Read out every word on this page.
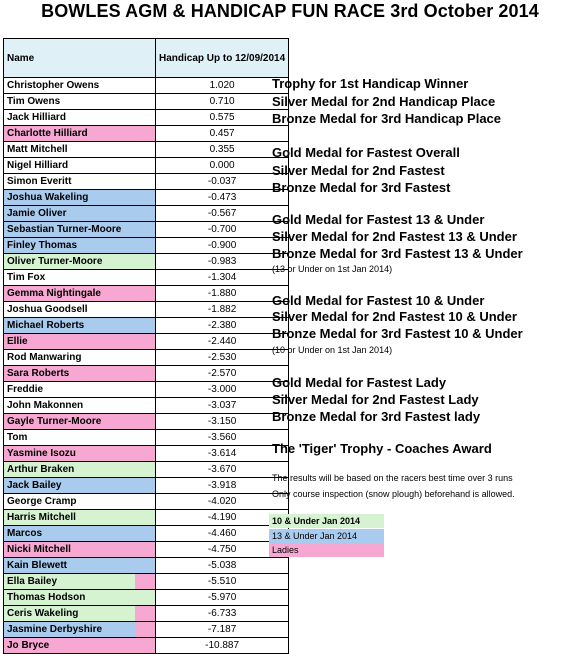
BOWLES AGM & HANDICAP FUN RACE 3rd October 2014
Name	Handicap Up to 12/09/2014
Christopher Owens	1.020
Tim Owens	0.710
Jack Hilliard	0.575
Charlotte Hilliard	0.457
Matt Mitchell	0.355
Nigel Hilliard	0.000
Simon Everitt	-0.037
Joshua Wakeling	-0.473
Jamie Oliver	-0.567
Sebastian Turner-Moore	-0.700
Finley Thomas	-0.900
Oliver Turner-Moore	-0.983
Tim Fox	-1.304
Gemma Nightingale	-1.880
Joshua Goodsell	-1.882
Michael Roberts	-2.380
Ellie	-2.440
Rod Manwaring	-2.530
Sara Roberts	-2.570
Freddie	-3.000
John Makonnen	-3.037
Gayle Turner-Moore	-3.150
Tom	-3.560
Yasmine Isozu	-3.614
Arthur Braken	-3.670
Jack Bailey	-3.918
George Cramp	-4.020
Harris Mitchell	-4.190
Marcos	-4.460
Nicki Mitchell	-4.750
Kain Blewett	-5.038
Ella Bailey	-5.510
Thomas Hodson	-5.970
Ceris Wakeling	-6.733
Jasmine Derbyshire	-7.187
Jo Bryce	-10.887
Trophy for 1st Handicap Winner
Silver Medal for 2nd Handicap Place
Bronze Medal for 3rd Handicap Place
Gold Medal for Fastest Overall
Silver Medal for 2nd Fastest
Bronze Medal for 3rd Fastest
Gold Medal for Fastest 13 & Under
Silver Medal for 2nd Fastest 13 & Under
Bronze Medal for 3rd Fastest 13 & Under
(13 or Under on 1st Jan 2014)
Gold Medal for Fastest 10 & Under
Silver Medal for 2nd Fastest 10 & Under
Bronze Medal for 3rd Fastest 10 & Under
(10 or Under on 1st Jan 2014)
Gold Medal for Fastest Lady
Silver Medal for 2nd Fastest Lady
Bronze Medal for 3rd Fastest lady
The 'Tiger' Trophy - Coaches Award
The results will be based on the racers best time over 3 runs
Only course inspection (snow plough) beforehand is allowed.
10 & Under Jan 2014
13 & Under Jan 2014
Ladies
